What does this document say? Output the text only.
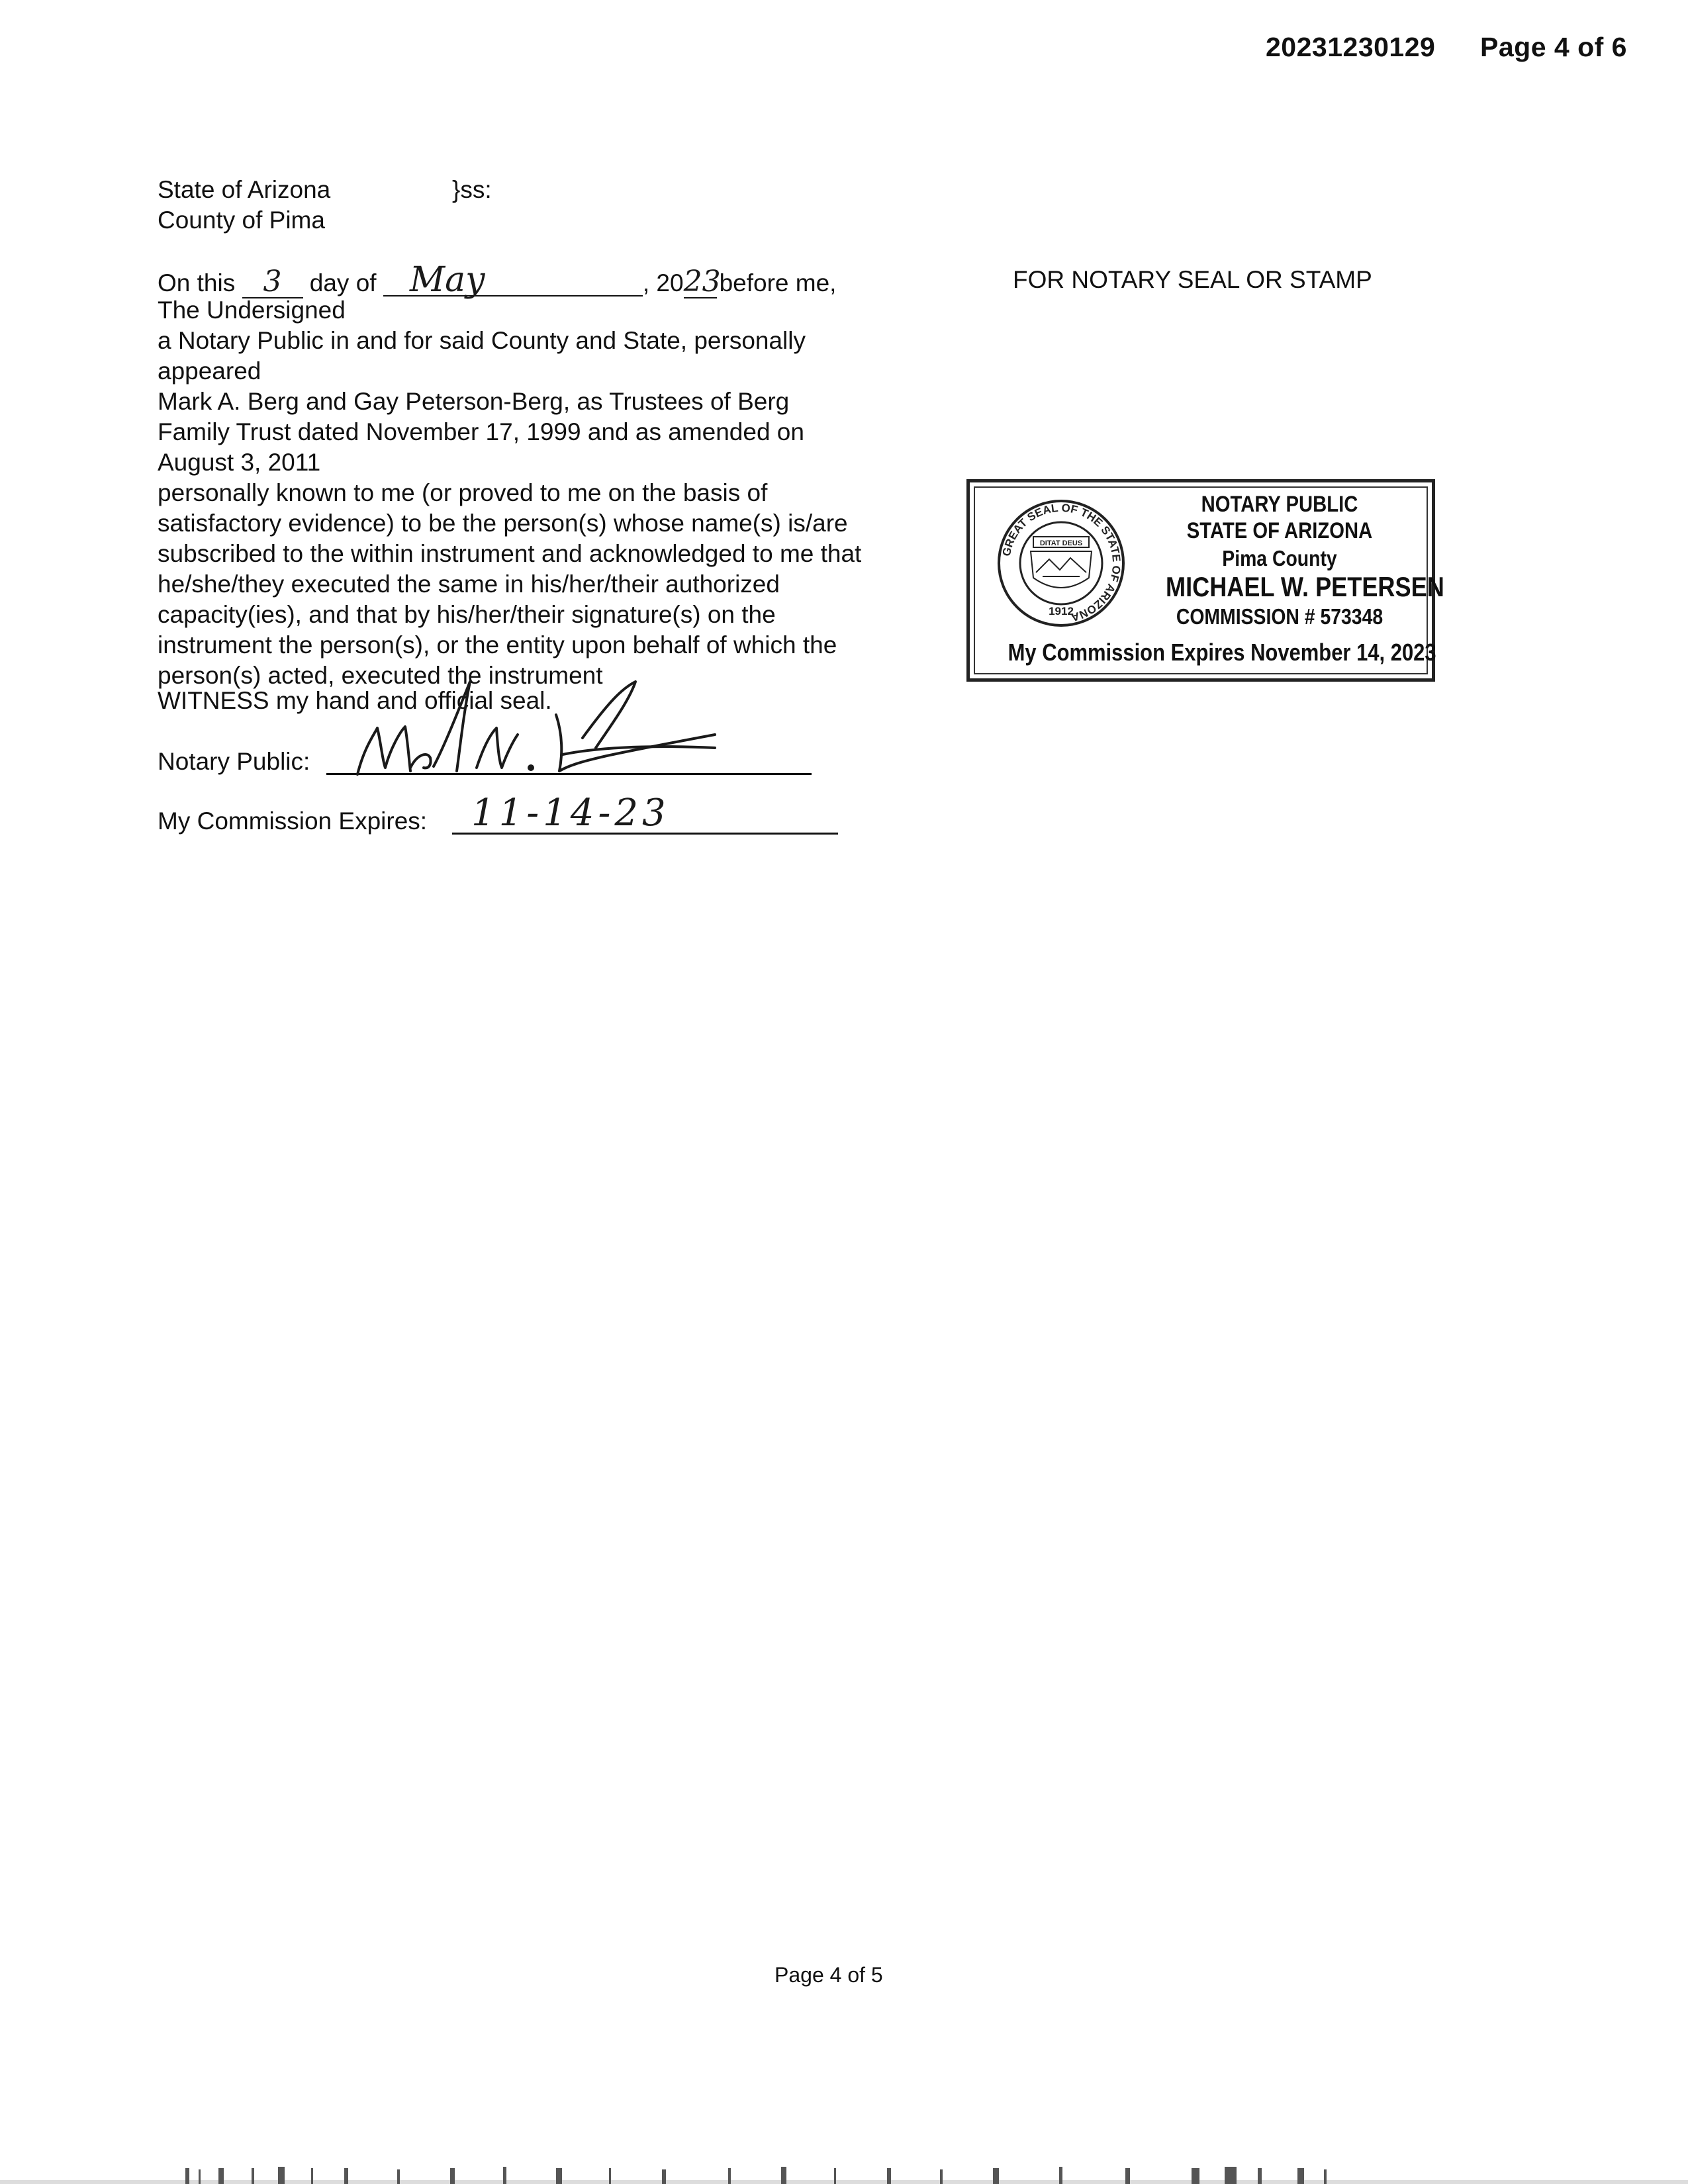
20231230129 Page 4 of 6
State of Arizona	}ss:
County of Pima
On this 3 day of May	, 2023before me,
The Undersigned
a Notary Public in and for said County and State, personally
appeared
Mark A. Berg and Gay Peterson-Berg, as Trustees of Berg
Family Trust dated November 17, 1999 and as amended on
August 3, 2011
personally known to me (or proved to me on the basis of
satisfactory evidence) to be the person(s) whose name(s) is/are
subscribed to the within instrument and acknowledged to me that
he/she/they executed the same in his/her/their authorized
capacity(ies), and that by his/her/their signature(s) on the
instrument the person(s), or the entity upon behalf of which the
person(s) acted, executed the instrument
WITNESS my hand and official seal.
Notary Public:
My Commission Expires: 11-14-23
FOR NOTARY SEAL OR STAMP
GREAT SEAL OF THE STATE OF ARIZONA
DITAT DEUS
1912
NOTARY PUBLIC
STATE OF ARIZONA
Pima County
MICHAEL W. PETERSEN
COMMISSION # 573348
My Commission Expires November 14, 2023
Page 4 of 5
